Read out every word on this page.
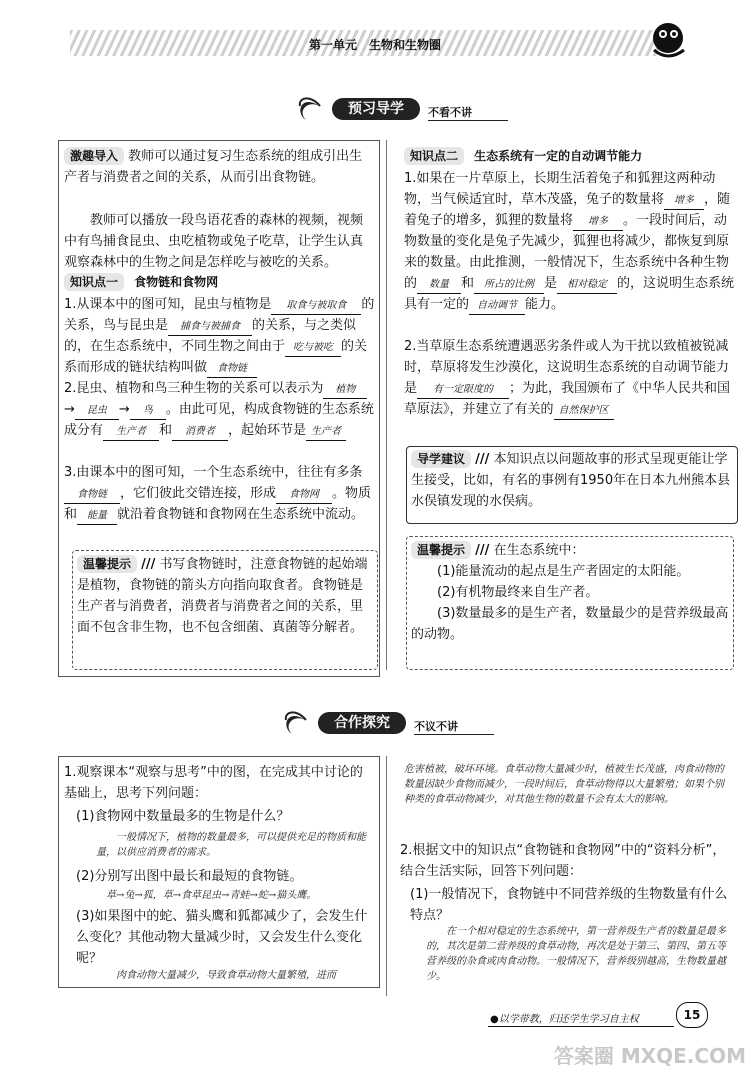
第一单元　生物和生物圈
预习导学	不看不讲
激趣导入 教师可以通过复习生态系统的组成引出生产者与消费者之间的关系，从而引出食物链。
教师可以播放一段鸟语花香的森林的视频，视频中有鸟捕食昆虫、虫吃植物或兔子吃草，让学生认真观察森林中的生物之间是怎样吃与被吃的关系。
知识点一 食物链和食物网
1.从课本中的图可知，昆虫与植物是 取食与被取食 的关系，鸟与昆虫是 捕食与被捕食 的关系，与之类似的，在生态系统中，不同生物之间由于 吃与被吃 的关系而形成的链状结构叫做 食物链
2.昆虫、植物和鸟三种生物的关系可以表示为 植物→ 昆虫 → 鸟 。由此可见，构成食物链的生态系统成分有 生产者 和 消费者 ，起始环节是 生产者
3.由课本中的图可知，一个生态系统中，往往有多条食物链 ，它们彼此交错连接，形成 食物网 。物质和 能量 就沿着食物链和食物网在生态系统中流动。
温馨提示 /// 书写食物链时，注意食物链的起始端是植物，食物链的箭头方向指向取食者。食物链是生产者与消费者，消费者与消费者之间的关系，里面不包含非生物，也不包含细菌、真菌等分解者。
知识点二 生态系统有一定的自动调节能力
1.如果在一片草原上，长期生活着兔子和狐狸这两种动物，当气候适宜时，草木茂盛，兔子的数量将 增多 ，随着兔子的增多，狐狸的数量将 增多 。一段时间后，动物数量的变化是兔子先减少，狐狸也将减少，都恢复到原来的数量。由此推测，一般情况下，生态系统中各种生物的 数量 和 所占的比例 是 相对稳定 的，这说明生态系统具有一定的 自动调节 能力。
2.当草原生态系统遭遇恶劣条件或人为干扰以致植被锐减时，草原将发生沙漠化，这说明生态系统的自动调节能力是 有一定限度的 ；为此，我国颁布了《中华人民共和国草原法》，并建立了有关的 自然保护区
导学建议 /// 本知识点以问题故事的形式呈现更能让学生接受，比如，有名的事例有1950年在日本九州熊本县水俣镇发现的水俣病。
温馨提示 /// 在生态系统中：
(1)能量流动的起点是生产者固定的太阳能。
(2)有机物最终来自生产者。
(3)数量最多的是生产者，数量最少的是营养级最高的动物。
合作探究	不议不讲
1.观察课本“观察与思考”中的图，在完成其中讨论的基础上，思考下列问题：
(1)食物网中数量最多的生物是什么？
一般情况下，植物的数量最多，可以提供充足的物质和能量，以供应消费者的需求。
(2)分别写出图中最长和最短的食物链。
草→兔→狐，草→食草昆虫→青蛙→蛇→猫头鹰。
(3)如果图中的蛇、猫头鹰和狐都减少了，会发生什么变化？其他动物大量减少时，又会发生什么变化呢？
肉食动物大量减少，导致食草动物大量繁殖，进而
危害植被，破坏环境。食草动物大量减少时，植被生长茂盛，肉食动物的数量因缺少食物而减少，一段时间后，食草动物得以大量繁殖；如果个别种类的食草动物减少，对其他生物的数量不会有太大的影响。
2.根据文中的知识点“食物链和食物网”中的“资料分析”，结合生活实际，回答下列问题：
(1)一般情况下，食物链中不同营养级的生物数量有什么特点？
在一个相对稳定的生态系统中，第一营养级生产者的数量是最多的，其次是第二营养级的食草动物，再次是处于第三、第四、第五等营养级的杂食或肉食动物。一般情况下，营养级别越高，生物数量越少。
●以学带教，归还学生学习自主权	15
答案圈 MXQE.COM
